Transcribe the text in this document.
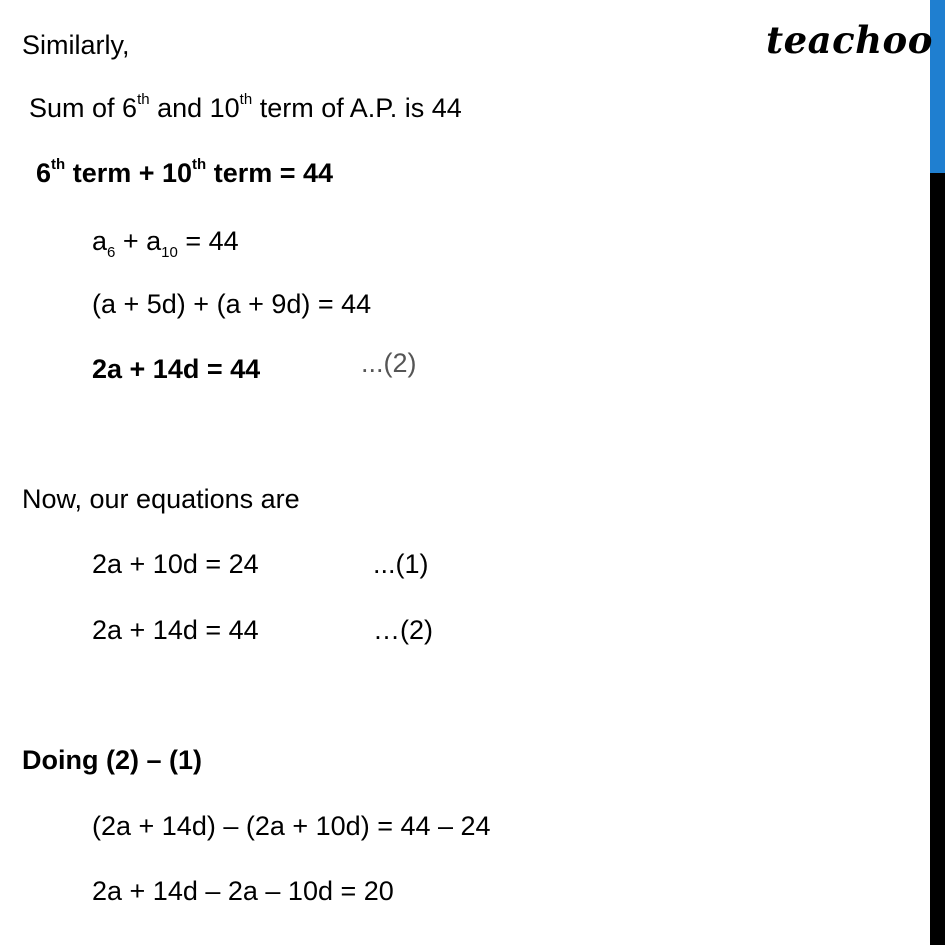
teachoo
Similarly,
Sum of 6th and 10th term of A.P. is 44
6th term + 10th term = 44
$a_6 + a_{10} = 44$
(a + 5d) + (a + 9d) = 44
2a + 14d = 44	...(2)
Now, our equations are
2a + 10d = 24	...(1)
2a + 14d = 44	…(2)
Doing (2) – (1)
(2a + 14d) – (2a + 10d) = 44 – 24
2a + 14d – 2a – 10d = 20
